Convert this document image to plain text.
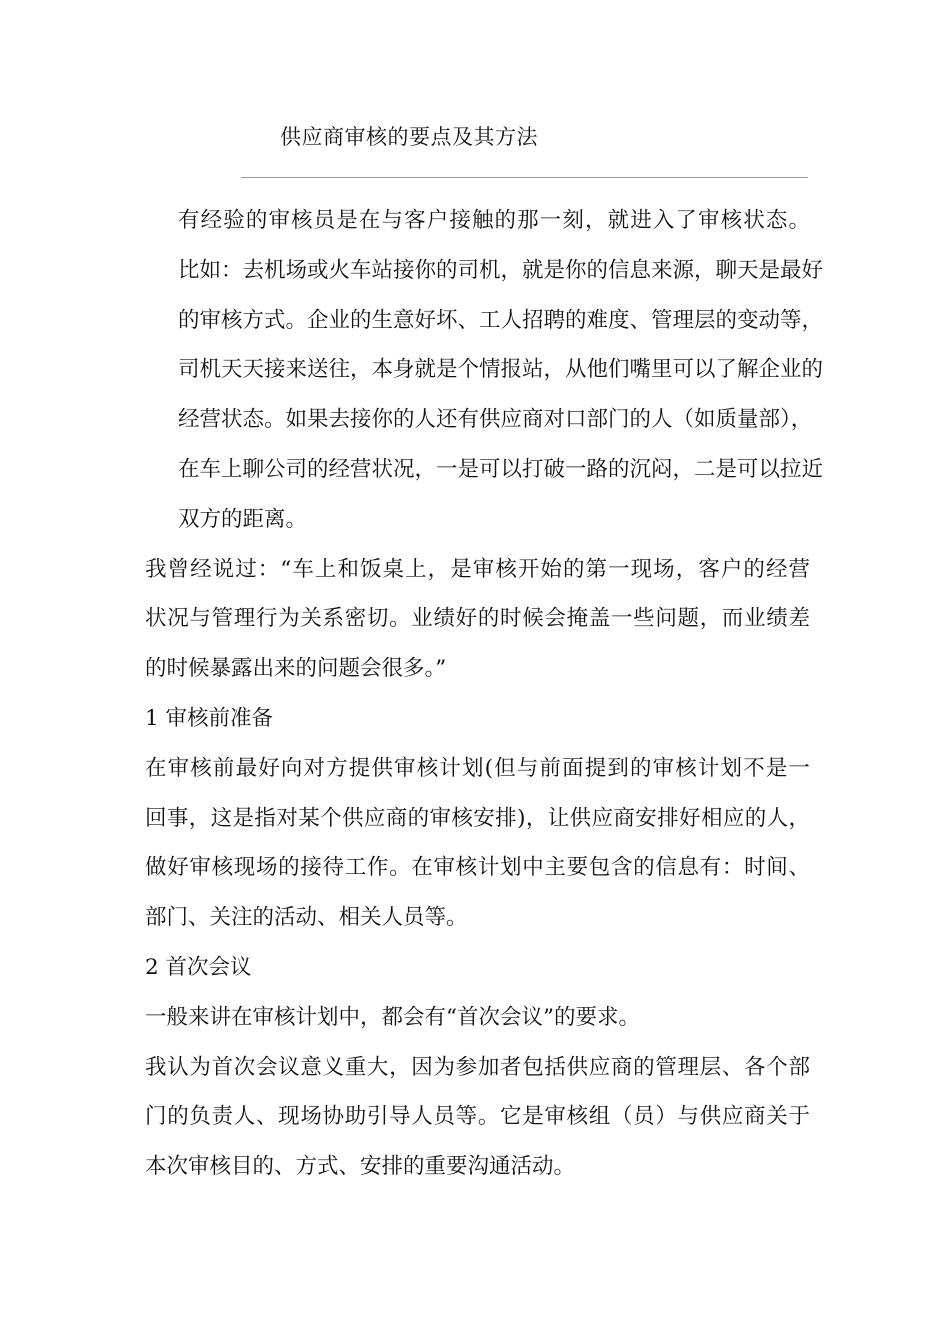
供应商审核的要点及其方法

有经验的审核员是在与客户接触的那一刻，就进入了审核状态。
比如：去机场或火车站接你的司机，就是你的信息来源，聊天是最好
的审核方式。企业的生意好坏、工人招聘的难度、管理层的变动等，
司机天天接来送往，本身就是个情报站，从他们嘴里可以了解企业的
经营状态。如果去接你的人还有供应商对口部门的人（如质量部），
在车上聊公司的经营状况，一是可以打破一路的沉闷，二是可以拉近
双方的距离。

我曾经说过：“车上和饭桌上，是审核开始的第一现场，客户的经营
状况与管理行为关系密切。业绩好的时候会掩盖一些问题，而业绩差
的时候暴露出来的问题会很多。”

1 审核前准备

在审核前最好向对方提供审核计划(但与前面提到的审核计划不是一
回事，这是指对某个供应商的审核安排)，让供应商安排好相应的人，
做好审核现场的接待工作。在审核计划中主要包含的信息有：时间、
部门、关注的活动、相关人员等。

2 首次会议

一般来讲在审核计划中，都会有“首次会议”的要求。

我认为首次会议意义重大，因为参加者包括供应商的管理层、各个部
门的负责人、现场协助引导人员等。它是审核组（员）与供应商关于
本次审核目的、方式、安排的重要沟通活动。
